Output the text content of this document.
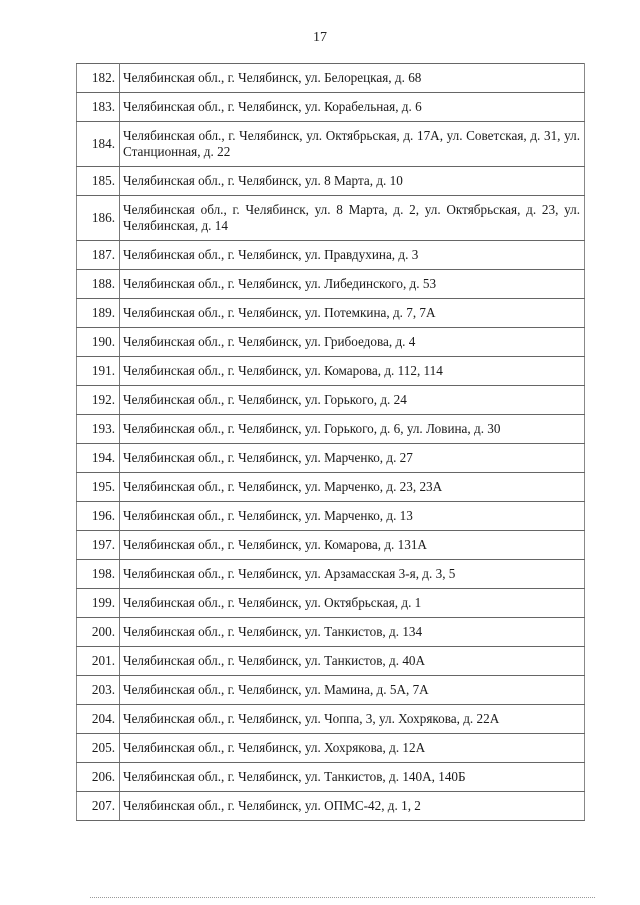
17
182.	Челябинская обл., г. Челябинск, ул. Белорецкая, д. 68
183.	Челябинская обл., г. Челябинск, ул. Корабельная, д. 6
184.	Челябинская обл., г. Челябинск, ул. Октябрьская, д. 17А, ул. Советская, д. 31, ул. Станционная, д. 22
185.	Челябинская обл., г. Челябинск, ул. 8 Марта, д. 10
186.	Челябинская обл., г. Челябинск, ул. 8 Марта, д. 2, ул. Октябрьская, д. 23, ул. Челябинская, д. 14
187.	Челябинская обл., г. Челябинск, ул. Правдухина, д. 3
188.	Челябинская обл., г. Челябинск, ул. Либединского, д. 53
189.	Челябинская обл., г. Челябинск, ул. Потемкина, д. 7, 7А
190.	Челябинская обл., г. Челябинск, ул. Грибоедова, д. 4
191.	Челябинская обл., г. Челябинск, ул. Комарова, д. 112, 114
192.	Челябинская обл., г. Челябинск, ул. Горького, д. 24
193.	Челябинская обл., г. Челябинск, ул. Горького, д. 6, ул. Ловина, д. 30
194.	Челябинская обл., г. Челябинск, ул. Марченко, д. 27
195.	Челябинская обл., г. Челябинск, ул. Марченко, д. 23, 23А
196.	Челябинская обл., г. Челябинск, ул. Марченко, д. 13
197.	Челябинская обл., г. Челябинск, ул. Комарова, д. 131А
198.	Челябинская обл., г. Челябинск, ул. Арзамасская 3-я, д. 3, 5
199.	Челябинская обл., г. Челябинск, ул. Октябрьская, д. 1
200.	Челябинская обл., г. Челябинск, ул. Танкистов, д. 134
201.	Челябинская обл., г. Челябинск, ул. Танкистов, д. 40А
203.	Челябинская обл., г. Челябинск, ул. Мамина, д. 5А, 7А
204.	Челябинская обл., г. Челябинск, ул. Чоппа, 3, ул. Хохрякова, д. 22А
205.	Челябинская обл., г. Челябинск, ул. Хохрякова, д. 12А
206.	Челябинская обл., г. Челябинск, ул. Танкистов, д. 140А, 140Б
207.	Челябинская обл., г. Челябинск, ул. ОПМС-42, д. 1, 2
